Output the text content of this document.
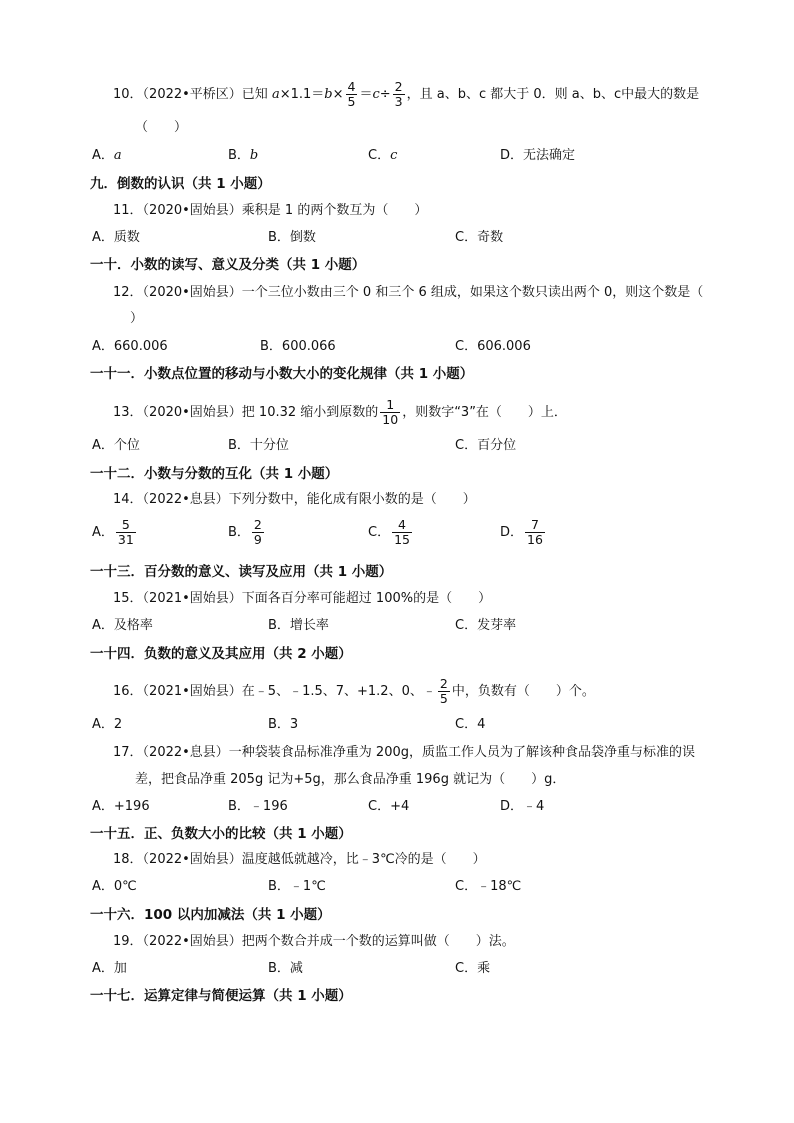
10．（2022•平桥区）已知 $a\times 1.1=b\times \frac{4}{5} =c\div \frac{2}{3}$ ，且 a、b、c 都大于 0．则 a、b、c中最大的数是
（　　）
A．a	B．b	C．c	D．无法确定
九．倒数的认识（共 1 小题）
11．（2020•固始县）乘积是 1 的两个数互为（　　）
A．质数	B．倒数	C．奇数
一十．小数的读写、意义及分类（共 1 小题）
12．（2020•固始县）一个三位小数由三个 0 和三个 6 组成，如果这个数只读出两个 0，则这个数是（
）
A．660.006	B．600.066	C．606.006
一十一．小数点位置的移动与小数大小的变化规律（共 1 小题）
13．（2020•固始县）把 10.32 缩小到原数的 $\frac{1}{10}$ ，则数字“3”在（　　）上．
A．个位	B．十分位	C．百分位
一十二．小数与分数的互化（共 1 小题）
14．（2022•息县）下列分数中，能化成有限小数的是（　　）
A． $\frac{5}{31}$	B． $\frac{2}{9}$	C． $\frac{4}{15}$	D． $\frac{7}{16}$
一十三．百分数的意义、读写及应用（共 1 小题）
15．（2021•固始县）下面各百分率可能超过 100%的是（　　）
A．及格率	B．增长率	C．发芽率
一十四．负数的意义及其应用（共 2 小题）
16．（2021•固始县）在﹣5、﹣1.5、7、+1.2、0、﹣ $\frac{2}{5}$ 中，负数有（　　）个。
A．2	B．3	C．4
17．（2022•息县）一种袋装食品标准净重为 200g，质监工作人员为了解该种食品袋净重与标准的误
差，把食品净重 205g 记为+5g，那么食品净重 196g 就记为（　　）g．
A．+196	B．﹣196	C．+4	D．﹣4
一十五．正、负数大小的比较（共 1 小题）
18．（2022•固始县）温度越低就越冷，比﹣3℃冷的是（　　）
A．0℃	B．﹣1℃	C．﹣18℃
一十六．100 以内加减法（共 1 小题）
19．（2022•固始县）把两个数合并成一个数的运算叫做（　　）法。
A．加	B．减	C．乘
一十七．运算定律与简便运算（共 1 小题）
